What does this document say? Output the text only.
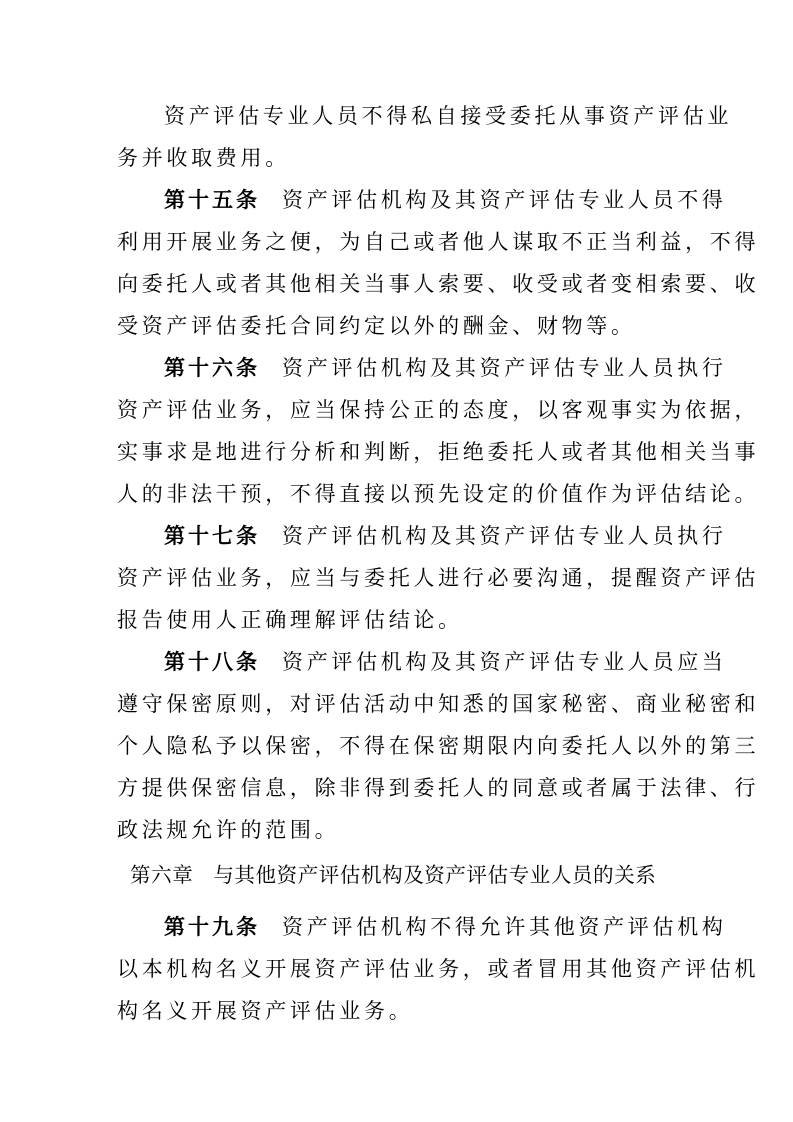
资产评估专业人员不得私自接受委托从事资产评估业
务并收取费用。
第十五条 资产评估机构及其资产评估专业人员不得
利用开展业务之便，为自己或者他人谋取不正当利益，不得
向委托人或者其他相关当事人索要、收受或者变相索要、收
受资产评估委托合同约定以外的酬金、财物等。
第十六条 资产评估机构及其资产评估专业人员执行
资产评估业务，应当保持公正的态度，以客观事实为依据，
实事求是地进行分析和判断，拒绝委托人或者其他相关当事
人的非法干预，不得直接以预先设定的价值作为评估结论。
第十七条 资产评估机构及其资产评估专业人员执行
资产评估业务，应当与委托人进行必要沟通，提醒资产评估
报告使用人正确理解评估结论。
第十八条 资产评估机构及其资产评估专业人员应当
遵守保密原则，对评估活动中知悉的国家秘密、商业秘密和
个人隐私予以保密，不得在保密期限内向委托人以外的第三
方提供保密信息，除非得到委托人的同意或者属于法律、行
政法规允许的范围。
第六章 与其他资产评估机构及资产评估专业人员的关系
第十九条 资产评估机构不得允许其他资产评估机构
以本机构名义开展资产评估业务，或者冒用其他资产评估机
构名义开展资产评估业务。
